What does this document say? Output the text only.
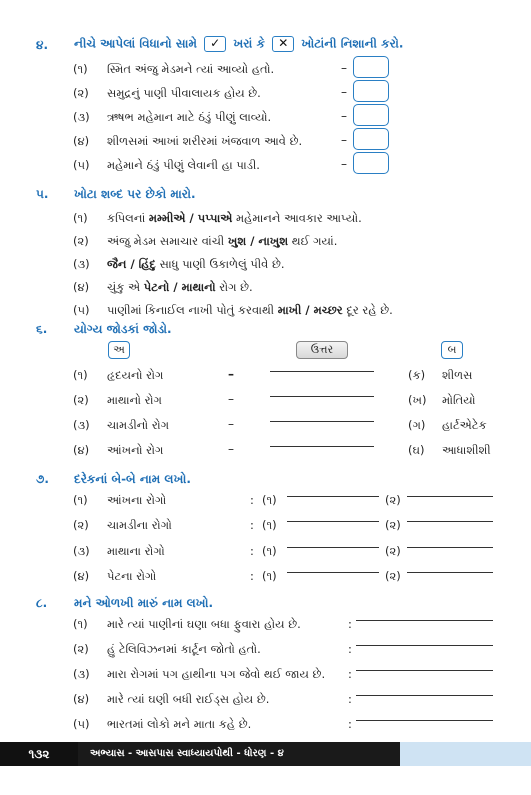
૪. નીચે આપેલાં વિધાનો સામે ✓ ખરાં કે ✕ ખોટાંની નિશાની કરો.
(૧) સ્મિત અંજુ મેડમને ત્યાં આવ્યો હતો.	–
(૨) સમુદ્રનું પાણી પીવાલાયક હોય છે.	–
(૩) ઋષભ મહેમાન માટે ઠંડું પીણું લાવ્યો.	–
(૪) શીળસમાં આખાં શરીરમાં ખંજવાળ આવે છે.	–
(૫) મહેમાને ઠંડું પીણું લેવાની હા પાડી.	–
૫. ખોટા શબ્દ પર છેકો મારો.
(૧) કપિલનાં મમ્મીએ / પપ્પાએ મહેમાનને આવકાર આપ્યો.
(૨) અંજુ મેડમ સમાચાર વાંચી ખુશ / નાખુશ થઈ ગયાં.
(૩) જૈન / હિંદુ સાધુ પાણી ઉકાળેલું પીવે છે.
(૪) ચુંકુ એ પેટનો / માથાનો રોગ છે.
(૫) પાણીમાં કિનાઈલ નાખી પોતું કરવાથી માખી / મચ્છર દૂર રહે છે.
૬. યોગ્ય જોડકાં જોડો.
અ	ઉત્તર	બ
(૧) હૃદયનો રોગ	–	(ક) શીળસ
(૨) માથાનો રોગ	–	(ખ) મોતિયો
(૩) ચામડીનો રોગ	–	(ગ) હાર્ટએટેક
(૪) આંખનો રોગ	–	(ઘ) આધાશીશી
૭. દરેકનાં બે-બે નામ લખો.
(૧) આંખના રોગો	: (૧)	(૨)
(૨) ચામડીના રોગો	: (૧)	(૨)
(૩) માથાના રોગો	: (૧)	(૨)
(૪) પેટના રોગો	: (૧)	(૨)
૮. મને ઓળખી મારું નામ લખો.
(૧) મારે ત્યાં પાણીનાં ઘણા બધા ફુવારા હોય છે.	:
(૨) હું ટેલિવિઝનમાં કાર્ટૂન જોતો હતો.	:
(૩) મારા રોગમાં પગ હાથીના પગ જેવો થઈ જાય છે. :
(૪) મારે ત્યાં ઘણી બધી રાઈડ્સ હોય છે.	:
(૫) ભારતમાં લોકો મને માતા કહે છે.	:
૧૩૨	અભ્યાસ - આસપાસ સ્વાધ્યાયપોથી - ધોરણ - ૪
